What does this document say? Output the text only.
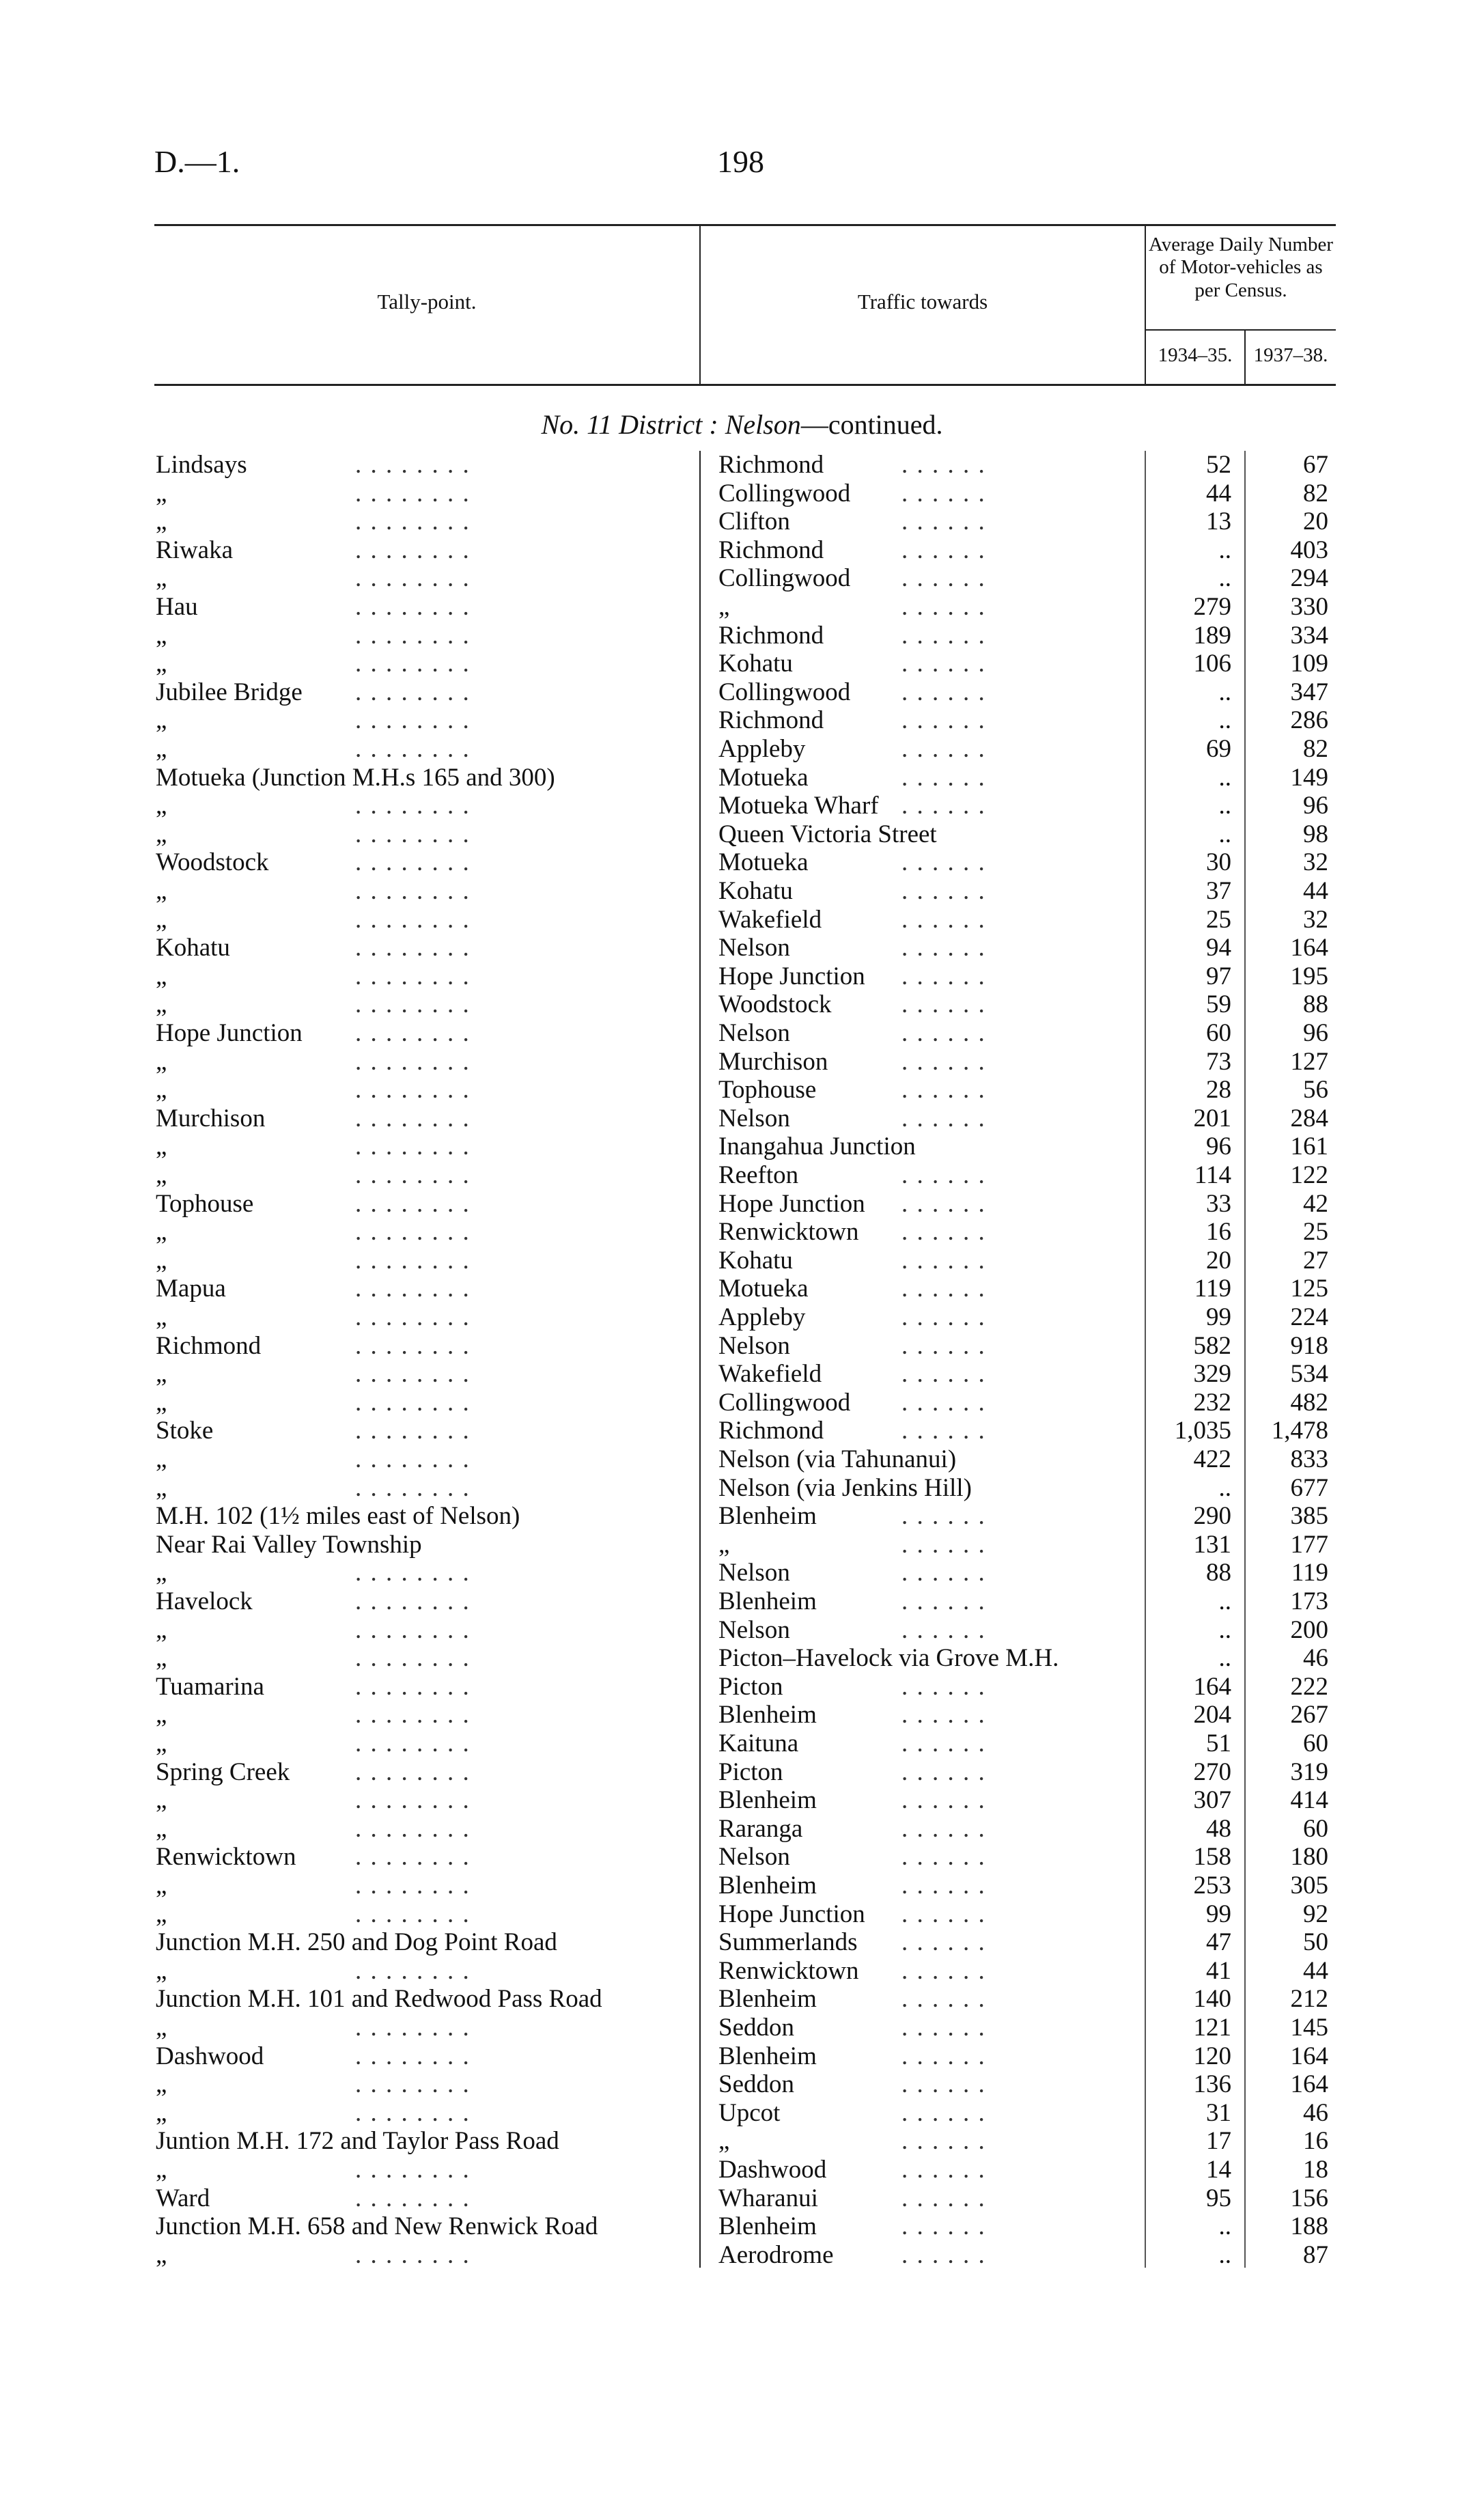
D.—1.	198
Tally-point.	Traffic towards
Average Daily Number of Motor-vehicles as per Census.
1934–35.	1937–38.
No. 11 District : Nelson—continued.
Lindsays	Richmond	52	67
. . . . . . . .	. . . . . .
„	Collingwood	44	82
. . . . . . . .	. . . . . .
„	Clifton	13	20
. . . . . . . .	. . . . . .
Riwaka	Richmond	..	403
. . . . . . . .	. . . . . .
„	Collingwood	..	294
. . . . . . . .	. . . . . .
Hau	„	279	330
. . . . . . . .	. . . . . .
„	Richmond	189	334
. . . . . . . .	. . . . . .
„	Kohatu	106	109
. . . . . . . .	. . . . . .
Jubilee Bridge	Collingwood	..	347
. . . . . . . .	. . . . . .
„	Richmond	..	286
. . . . . . . .	. . . . . .
„	Appleby	69	82
. . . . . . . .	. . . . . .
Motueka (Junction M.H.s 165 and 300)	Motueka	..	149
. . . . . .
„	Motueka Wharf	..	96
. . . . . . . .	. . . . . .
„	Queen Victoria Street	..	98
. . . . . . . .
Woodstock	Motueka	30	32
. . . . . . . .	. . . . . .
„	Kohatu	37	44
. . . . . . . .	. . . . . .
„	Wakefield	25	32
. . . . . . . .	. . . . . .
Kohatu	Nelson	94	164
. . . . . . . .	. . . . . .
„	Hope Junction	97	195
. . . . . . . .	. . . . . .
„	Woodstock	59	88
. . . . . . . .	. . . . . .
Hope Junction	Nelson	60	96
. . . . . . . .	. . . . . .
„	Murchison	73	127
. . . . . . . .	. . . . . .
„	Tophouse	28	56
. . . . . . . .	. . . . . .
Murchison	Nelson	201	284
. . . . . . . .	. . . . . .
„	Inangahua Junction	96	161
. . . . . . . .
„	Reefton	114	122
. . . . . . . .	. . . . . .
Tophouse	Hope Junction	33	42
. . . . . . . .	. . . . . .
„	Renwicktown	16	25
. . . . . . . .	. . . . . .
„	Kohatu	20	27
. . . . . . . .	. . . . . .
Mapua	Motueka	119	125
. . . . . . . .	. . . . . .
„	Appleby	99	224
. . . . . . . .	. . . . . .
Richmond	Nelson	582	918
. . . . . . . .	. . . . . .
„	Wakefield	329	534
. . . . . . . .	. . . . . .
„	Collingwood	232	482
. . . . . . . .	. . . . . .
Stoke	Richmond	1,035	1,478
. . . . . . . .	. . . . . .
„	Nelson (via Tahunanui)	422	833
. . . . . . . .
„	Nelson (via Jenkins Hill)	..	677
. . . . . . . .
M.H. 102 (1½ miles east of Nelson)	Blenheim	290	385
. . . . . .
Near Rai Valley Township	„	131	177
. . . . . .
„	Nelson	88	119
. . . . . . . .	. . . . . .
Havelock	Blenheim	..	173
. . . . . . . .	. . . . . .
„	Nelson	..	200
. . . . . . . .	. . . . . .
„	Picton–Havelock via Grove M.H.	..	46
. . . . . . . .
Tuamarina	Picton	164	222
. . . . . . . .	. . . . . .
„	Blenheim	204	267
. . . . . . . .	. . . . . .
„	Kaituna	51	60
. . . . . . . .	. . . . . .
Spring Creek	Picton	270	319
. . . . . . . .	. . . . . .
„	Blenheim	307	414
. . . . . . . .	. . . . . .
„	Raranga	48	60
. . . . . . . .	. . . . . .
Renwicktown	Nelson	158	180
. . . . . . . .	. . . . . .
„	Blenheim	253	305
. . . . . . . .	. . . . . .
„	Hope Junction	99	92
. . . . . . . .	. . . . . .
Junction M.H. 250 and Dog Point Road	Summerlands	47	50
. . . . . .
„	Renwicktown	41	44
. . . . . . . .	. . . . . .
Junction M.H. 101 and Redwood Pass Road	Blenheim	140	212
. . . . . .
„	Seddon	121	145
. . . . . . . .	. . . . . .
Dashwood	Blenheim	120	164
. . . . . . . .	. . . . . .
„	Seddon	136	164
. . . . . . . .	. . . . . .
„	Upcot	31	46
. . . . . . . .	. . . . . .
Juntion M.H. 172 and Taylor Pass Road	„	17	16
. . . . . .
„	Dashwood	14	18
. . . . . . . .	. . . . . .
Ward	Wharanui	95	156
. . . . . . . .	. . . . . .
Junction M.H. 658 and New Renwick Road	Blenheim	..	188
. . . . . .
„	Aerodrome	..	87
. . . . . . . .	. . . . . .
